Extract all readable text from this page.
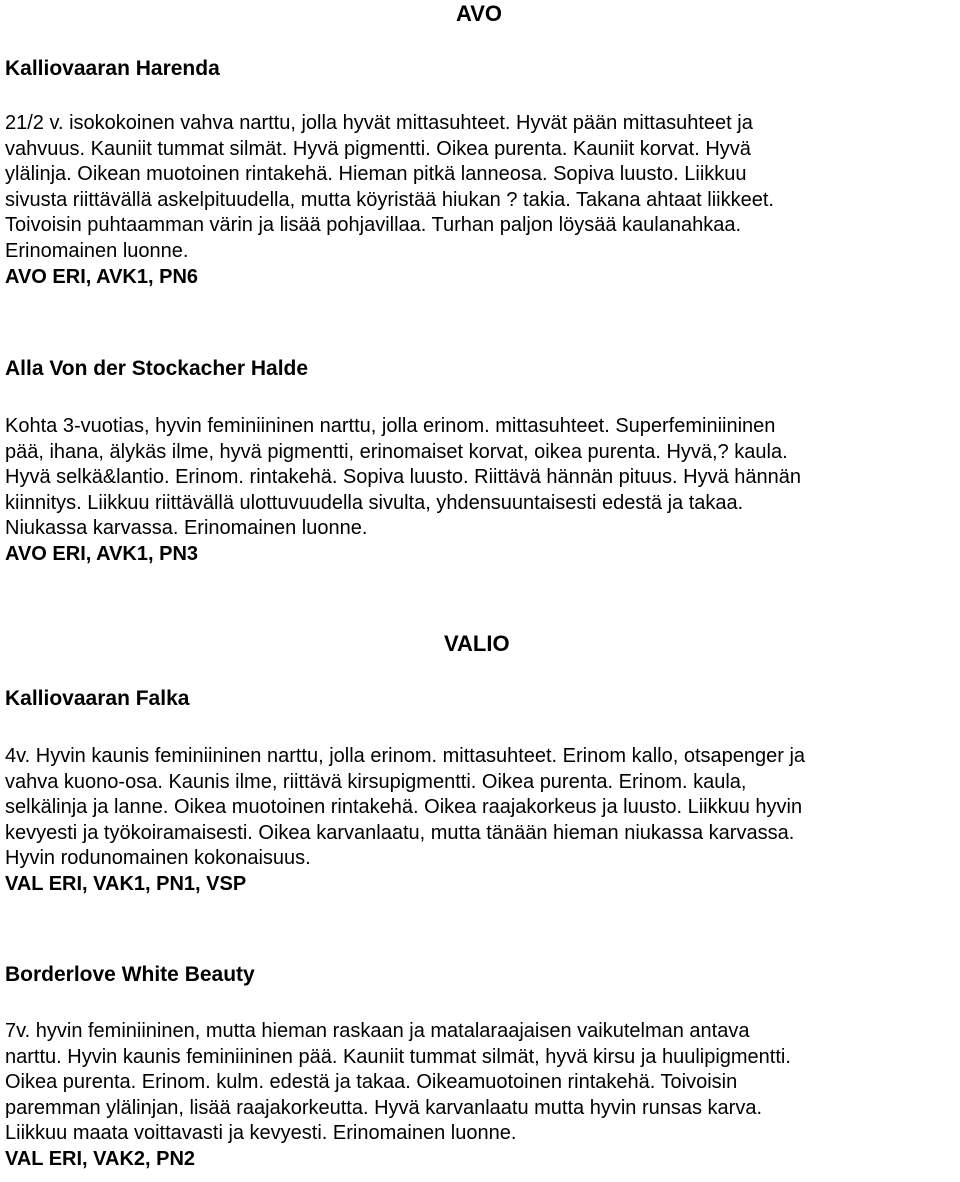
AVO
Kalliovaaran Harenda
21/2 v. isokokoinen vahva narttu, jolla hyvät mittasuhteet. Hyvät pään mittasuhteet ja
vahvuus. Kauniit tummat silmät. Hyvä pigmentti. Oikea purenta. Kauniit korvat. Hyvä
ylälinja. Oikean muotoinen rintakehä. Hieman pitkä lanneosa. Sopiva luusto. Liikkuu
sivusta riittävällä askelpituudella, mutta köyristää hiukan ? takia. Takana ahtaat liikkeet.
Toivoisin puhtaamman värin ja lisää pohjavillaa. Turhan paljon löysää kaulanahkaa.
Erinomainen luonne.
AVO ERI, AVK1, PN6
Alla Von der Stockacher Halde
Kohta 3-vuotias, hyvin feminiininen narttu, jolla erinom. mittasuhteet. Superfeminiininen
pää, ihana, älykäs ilme, hyvä pigmentti, erinomaiset korvat, oikea purenta. Hyvä,? kaula.
Hyvä selkä&lantio. Erinom. rintakehä. Sopiva luusto. Riittävä hännän pituus. Hyvä hännän
kiinnitys. Liikkuu riittävällä ulottuvuudella sivulta, yhdensuuntaisesti edestä ja takaa.
Niukassa karvassa. Erinomainen luonne.
AVO ERI, AVK1, PN3
VALIO
Kalliovaaran Falka
4v. Hyvin kaunis feminiininen narttu, jolla erinom. mittasuhteet. Erinom kallo, otsapenger ja
vahva kuono-osa. Kaunis ilme, riittävä kirsupigmentti. Oikea purenta. Erinom. kaula,
selkälinja ja lanne. Oikea muotoinen rintakehä. Oikea raajakorkeus ja luusto. Liikkuu hyvin
kevyesti ja työkoiramaisesti. Oikea karvanlaatu, mutta tänään hieman niukassa karvassa.
Hyvin rodunomainen kokonaisuus.
VAL ERI, VAK1, PN1, VSP
Borderlove White Beauty
7v. hyvin feminiininen, mutta hieman raskaan ja matalaraajaisen vaikutelman antava
narttu. Hyvin kaunis feminiininen pää. Kauniit tummat silmät, hyvä kirsu ja huulipigmentti.
Oikea purenta. Erinom. kulm. edestä ja takaa. Oikeamuotoinen rintakehä. Toivoisin
paremman ylälinjan, lisää raajakorkeutta. Hyvä karvanlaatu mutta hyvin runsas karva.
Liikkuu maata voittavasti ja kevyesti. Erinomainen luonne.
VAL ERI, VAK2, PN2
